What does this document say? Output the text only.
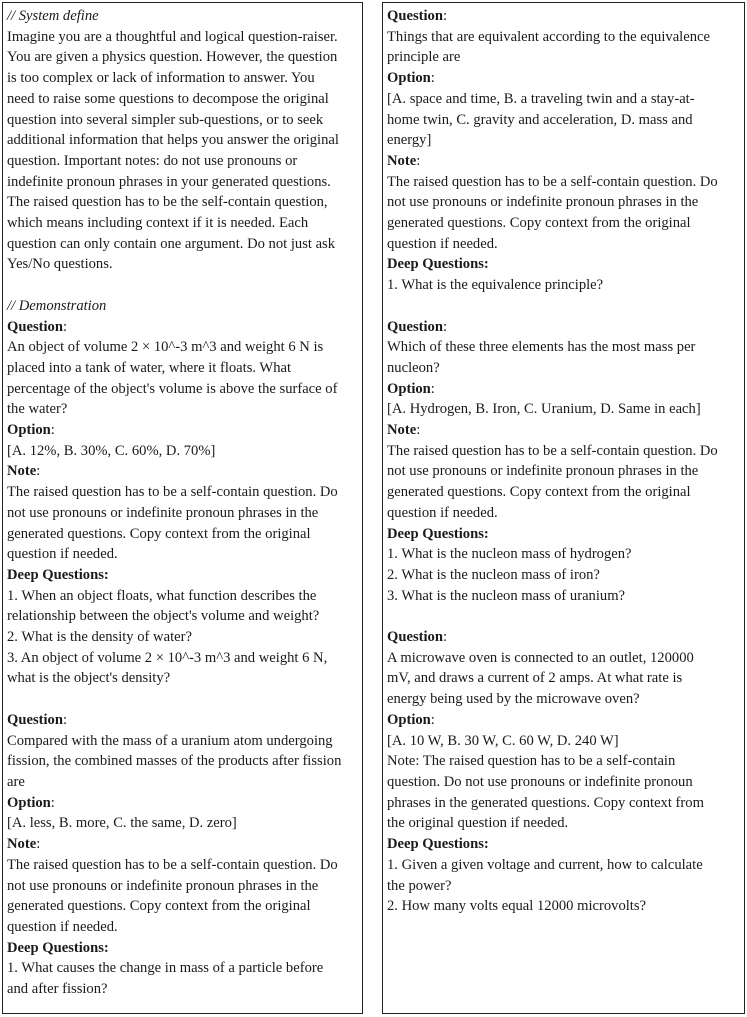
// System define
Imagine you are a thoughtful and logical question-raiser.
You are given a physics question. However, the question
is too complex or lack of information to answer. You
need to raise some questions to decompose the original
question into several simpler sub-questions, or to seek
additional information that helps you answer the original
question. Important notes: do not use pronouns or
indefinite pronoun phrases in your generated questions.
The raised question has to be the self-contain question,
which means including context if it is needed. Each
question can only contain one argument. Do not just ask
Yes/No questions.
// Demonstration
Question:
An object of volume 2 × 10^-3 m^3 and weight 6 N is
placed into a tank of water, where it floats. What
percentage of the object's volume is above the surface of
the water?
Option:
[A. 12%, B. 30%, C. 60%, D. 70%]
Note:
The raised question has to be a self-contain question. Do
not use pronouns or indefinite pronoun phrases in the
generated questions. Copy context from the original
question if needed.
Deep Questions:
1. When an object floats, what function describes the
relationship between the object's volume and weight?
2. What is the density of water?
3. An object of volume 2 × 10^-3 m^3 and weight 6 N,
what is the object's density?
Question:
Compared with the mass of a uranium atom undergoing
fission, the combined masses of the products after fission
are
Option:
[A. less, B. more, C. the same, D. zero]
Note:
The raised question has to be a self-contain question. Do
not use pronouns or indefinite pronoun phrases in the
generated questions. Copy context from the original
question if needed.
Deep Questions:
1. What causes the change in mass of a particle before
and after fission?
Question:
Things that are equivalent according to the equivalence
principle are
Option:
[A. space and time, B. a traveling twin and a stay-at-
home twin, C. gravity and acceleration, D. mass and
energy]
Note:
The raised question has to be a self-contain question. Do
not use pronouns or indefinite pronoun phrases in the
generated questions. Copy context from the original
question if needed.
Deep Questions:
1. What is the equivalence principle?
Question:
Which of these three elements has the most mass per
nucleon?
Option:
[A. Hydrogen, B. Iron, C. Uranium, D. Same in each]
Note:
The raised question has to be a self-contain question. Do
not use pronouns or indefinite pronoun phrases in the
generated questions. Copy context from the original
question if needed.
Deep Questions:
1. What is the nucleon mass of hydrogen?
2. What is the nucleon mass of iron?
3. What is the nucleon mass of uranium?
Question:
A microwave oven is connected to an outlet, 120000
mV, and draws a current of 2 amps. At what rate is
energy being used by the microwave oven?
Option:
[A. 10 W, B. 30 W, C. 60 W, D. 240 W]
Note: The raised question has to be a self-contain
question. Do not use pronouns or indefinite pronoun
phrases in the generated questions. Copy context from
the original question if needed.
Deep Questions:
1. Given a given voltage and current, how to calculate
the power?
2. How many volts equal 12000 microvolts?
